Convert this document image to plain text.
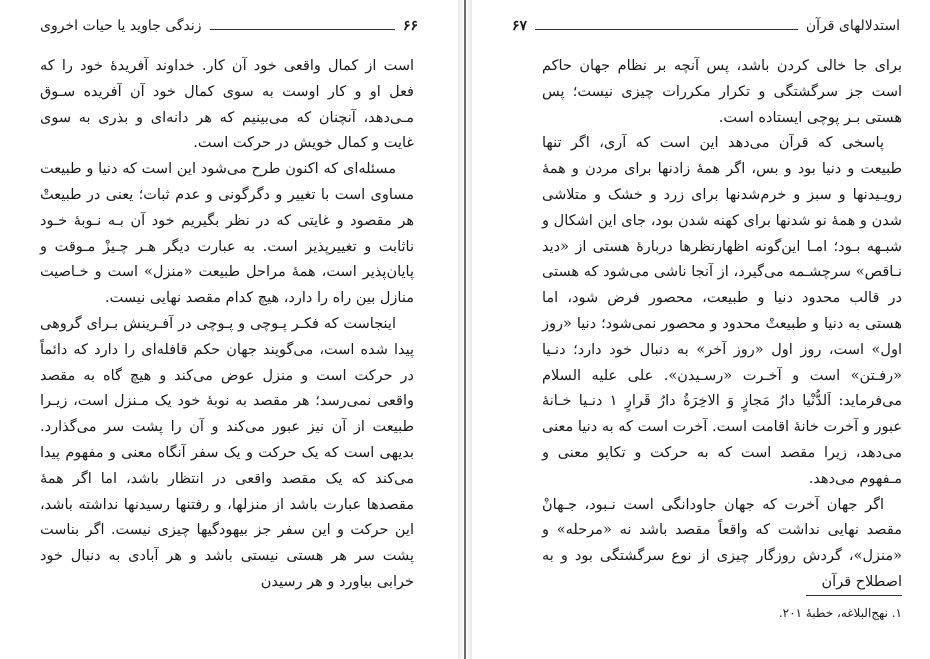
۶۶
زندگی جاوید یا حیات اخروی

است از کمال واقعی خود آن کار. خداوند آفریدهٔ خود را که فعل او و کار اوست به سوی کمال خود آن آفریده سـوق مـی‌دهد، آنچنان که می‌بینیم که هر دانه‌ای و بذری به سوی غایت و کمال خویش در حرکت است.

مسئله‌ای که اکنون طرح می‌شود این است که دنیا و طبیعت مساوی است با تغییر و دگرگونی و عدم ثبات؛ یعنی در طبیعتْ هر مقصود و غایتی که در نظر بگیریم خود آن بـه نـوبهٔ خـود ناثابت و تغییرپذیر است. به عبارت دیگر هـر چـیزْ مـوقت و پایان‌پذیر است، همهٔ مراحل طبیعت «منزل» است و خـاصیت منازل بین راه را دارد، هیچ کدام مقصد نهایی نیست.

اینجاست که فکـر پـوچی و پـوچی در آفـرینش بـرای گروهی پیدا شده است، می‌گویند جهان حکم قافله‌ای را دارد که دائماً در حرکت است و منزل عوض می‌کند و هیچ گاه به مقصد واقعی نمی‌رسد؛ هر مقصد به نوبهٔ خود یک مـنزل است، زیـرا طبیعت از آن نیز عبور می‌کند و آن را پشت سر می‌گذارد. بدیهی است که یک حرکت و یک سفر آنگاه معنی و مفهوم پیدا می‌کند که یک مقصد واقعی در انتظار باشد، اما اگر همهٔ مقصدها عبارت باشد از منزلها، و رفتنها رسیدنها نداشته باشد، این حرکت و این سفر جز بیهودگیها چیزی نیست. اگر بناست پشت سر هر هستی نیستی باشد و هر آبادی به دنبال خود خرابی بیاورد و هر رسیدن

استدلالهای قرآن
۶۷

برای جا خالی کردن باشد، پس آنچه بر نظام جهان حاکم است جز سرگشتگی و تکرار مکررات چیزی نیست؛ پس هستی بـر پوچی ایستاده است.

پاسخی که قرآن می‌دهد این است که آری، اگر تنها طبیعت و دنیا بود و بس، اگر همهٔ زادنها برای مردن و همهٔ رویـیدنها و سبز و خرم‌شدنها برای زرد و خشک و متلاشی شدن و همهٔ نو شدنها برای کهنه شدن بود، جای این اشکال و شبـهه بـود؛ امـا این‌گونه اظهارنظرها دربارهٔ هستی از «دید نـاقص» سرچشـمه می‌گیرد، از آنجا ناشی می‌شود که هستی در قالب محدود دنیا و طبیعت، محصور فرض شود، اما هستی به دنیا و طبیعتْ محدود و محصور نمی‌شود؛ دنیا «روز اول» است، روز اول «روز آخر» به دنبال خود دارد؛ دنـیا «رفـتن» است و آخـرت «رسـیدن». علی علیه السلام می‌فرماید: اَلدُّنْیا دارُ مَجازٍ وَ الاخِرَةُ دارُ قَرارٍ ۱ دنـیا خـانهٔ عبور و آخرت خانهٔ اقامت است. آخرت است که به دنیا معنی می‌دهد، زیرا مقصد است که به حرکت و تکاپو معنی و مـفهوم می‌دهد.

اگر جهان آخرت که جهان جاودانگی است نـبود، جـهانْ مقصد نهایی نداشت که واقعاً مقصد باشد نه «مرحله» و «منزل»، گردش روزگار چیزی از نوع سرگشتگی بود و به اصطلاح قرآن

۱. نهج‌البلاغه، خطبهٔ ۲۰۱.
